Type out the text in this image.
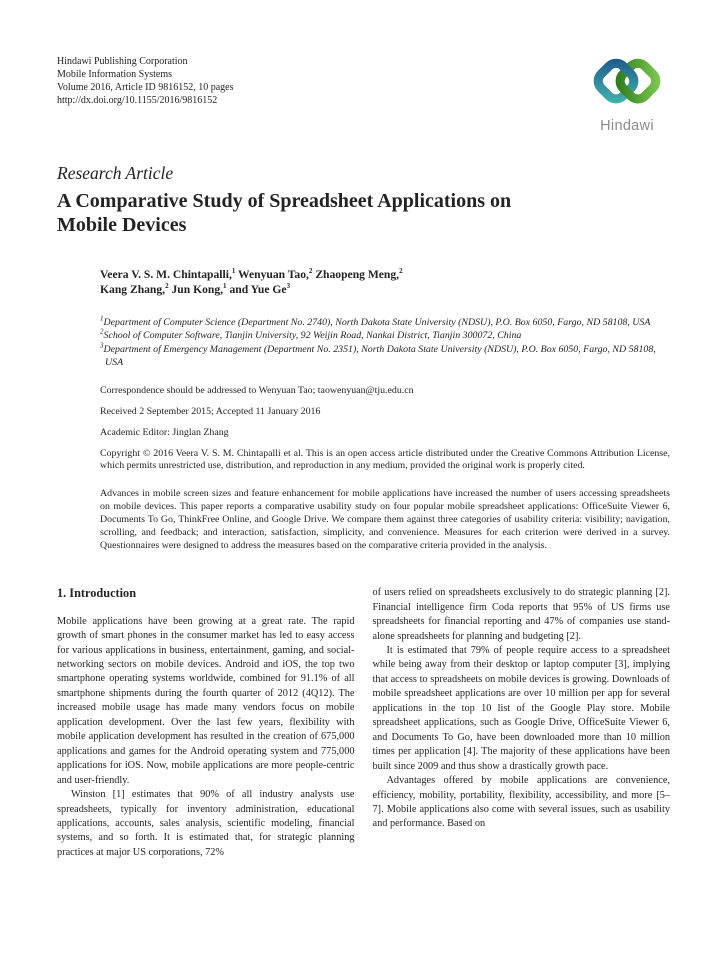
Hindawi Publishing Corporation
Mobile Information Systems
Volume 2016, Article ID 9816152, 10 pages
http://dx.doi.org/10.1155/2016/9816152
Hindawi
Research Article
A Comparative Study of Spreadsheet Applications on
Mobile Devices
Veera V. S. M. Chintapalli,$^1$ Wenyuan Tao,$^2$ Zhaopeng Meng,$^2$
Kang Zhang,$^2$ Jun Kong,$^1$ and Yue Ge$^3$
$^1$Department of Computer Science (Department No. 2740), North Dakota State University (NDSU), P.O. Box 6050, Fargo, ND 58108, USA
$^2$School of Computer Software, Tianjin University, 92 Weijin Road, Nankai District, Tianjin 300072, China
$^3$Department of Emergency Management (Department No. 2351), North Dakota State University (NDSU), P.O. Box 6050, Fargo, ND 58108, USA
Correspondence should be addressed to Wenyuan Tao; taowenyuan@tju.edu.cn
Received 2 September 2015; Accepted 11 January 2016
Academic Editor: Jinglan Zhang
Copyright © 2016 Veera V. S. M. Chintapalli et al. This is an open access article distributed under the Creative Commons Attribution License, which permits unrestricted use, distribution, and reproduction in any medium, provided the original work is properly cited.
Advances in mobile screen sizes and feature enhancement for mobile applications have increased the number of users accessing spreadsheets on mobile devices. This paper reports a comparative usability study on four popular mobile spreadsheet applications: OfficeSuite Viewer 6, Documents To Go, ThinkFree Online, and Google Drive. We compare them against three categories of usability criteria: visibility; navigation, scrolling, and feedback; and interaction, satisfaction, simplicity, and convenience. Measures for each criterion were derived in a survey. Questionnaires were designed to address the measures based on the comparative criteria provided in the analysis.
1. Introduction

Mobile applications have been growing at a great rate. The rapid growth of smart phones in the consumer market has led to easy access for various applications in business, entertainment, gaming, and social-networking sectors on mobile devices. Android and iOS, the top two smartphone operating systems worldwide, combined for 91.1% of all smartphone shipments during the fourth quarter of 2012 (4Q12). The increased mobile usage has made many vendors focus on mobile application development. Over the last few years, flexibility with mobile application development has resulted in the creation of 675,000 applications and games for the Android operating system and 775,000 applications for iOS. Now, mobile applications are more people-centric and user-friendly.

Winston [1] estimates that 90% of all industry analysts use spreadsheets, typically for inventory administration, educational applications, accounts, sales analysis, scientific modeling, financial systems, and so forth. It is estimated that, for strategic planning practices at major US corporations, 72%

of users relied on spreadsheets exclusively to do strategic planning [2]. Financial intelligence firm Coda reports that 95% of US firms use spreadsheets for financial reporting and 47% of companies use stand-alone spreadsheets for planning and budgeting [2].

It is estimated that 79% of people require access to a spreadsheet while being away from their desktop or laptop computer [3], implying that access to spreadsheets on mobile devices is growing. Downloads of mobile spreadsheet applications are over 10 million per app for several applications in the top 10 list of the Google Play store. Mobile spreadsheet applications, such as Google Drive, OfficeSuite Viewer 6, and Documents To Go, have been downloaded more than 10 million times per application [4]. The majority of these applications have been built since 2009 and thus show a drastically growth pace.

Advantages offered by mobile applications are convenience, efficiency, mobility, portability, flexibility, accessibility, and more [5–7]. Mobile applications also come with several issues, such as usability and performance. Based on
